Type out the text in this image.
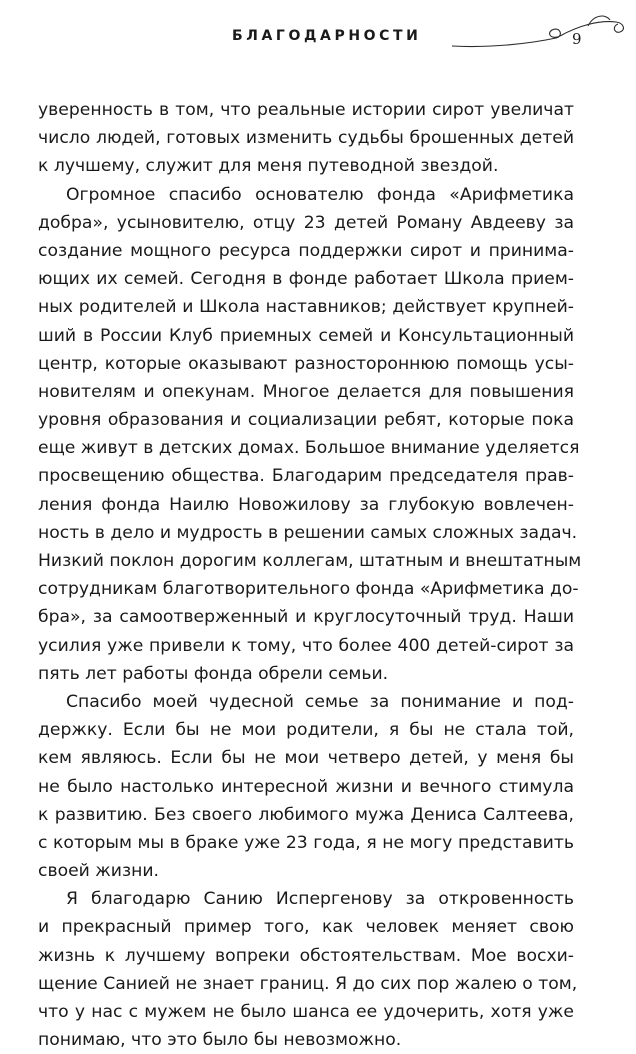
БЛАГОДАРНОСТИ	9
уверенность в том, что реальные истории сирот увеличат
число людей, готовых изменить судьбы брошенных детей
к лучшему, служит для меня путеводной звездой.
Огромное спасибо основателю фонда «Арифметика
добра», усыновителю, отцу 23 детей Роману Авдееву за
создание мощного ресурса поддержки сирот и принима-
ющих их семей. Сегодня в фонде работает Школа прием-
ных родителей и Школа наставников; действует крупней-
ший в России Клуб приемных семей и Консультационный
центр, которые оказывают разностороннюю помощь усы-
новителям и опекунам. Многое делается для повышения
уровня образования и социализации ребят, которые пока
еще живут в детских домах. Большое внимание уделяется
просвещению общества. Благодарим председателя прав-
ления фонда Наилю Новожилову за глубокую вовлечен-
ность в дело и мудрость в решении самых сложных задач.
Низкий поклон дорогим коллегам, штатным и внештатным
сотрудникам благотворительного фонда «Арифметика до-
бра», за самоотверженный и круглосуточный труд. Наши
усилия уже привели к тому, что более 400 детей-сирот за
пять лет работы фонда обрели семьи.
Спасибо моей чудесной семье за понимание и под-
держку. Если бы не мои родители, я бы не стала той,
кем являюсь. Если бы не мои четверо детей, у меня бы
не было настолько интересной жизни и вечного стимула
к развитию. Без своего любимого мужа Дениса Салтеева,
с которым мы в браке уже 23 года, я не могу представить
своей жизни.
Я благодарю Санию Испергенову за откровенность
и прекрасный пример того, как человек меняет свою
жизнь к лучшему вопреки обстоятельствам. Мое восхи-
щение Санией не знает границ. Я до сих пор жалею о том,
что у нас с мужем не было шанса ее удочерить, хотя уже
понимаю, что это было бы невозможно.
